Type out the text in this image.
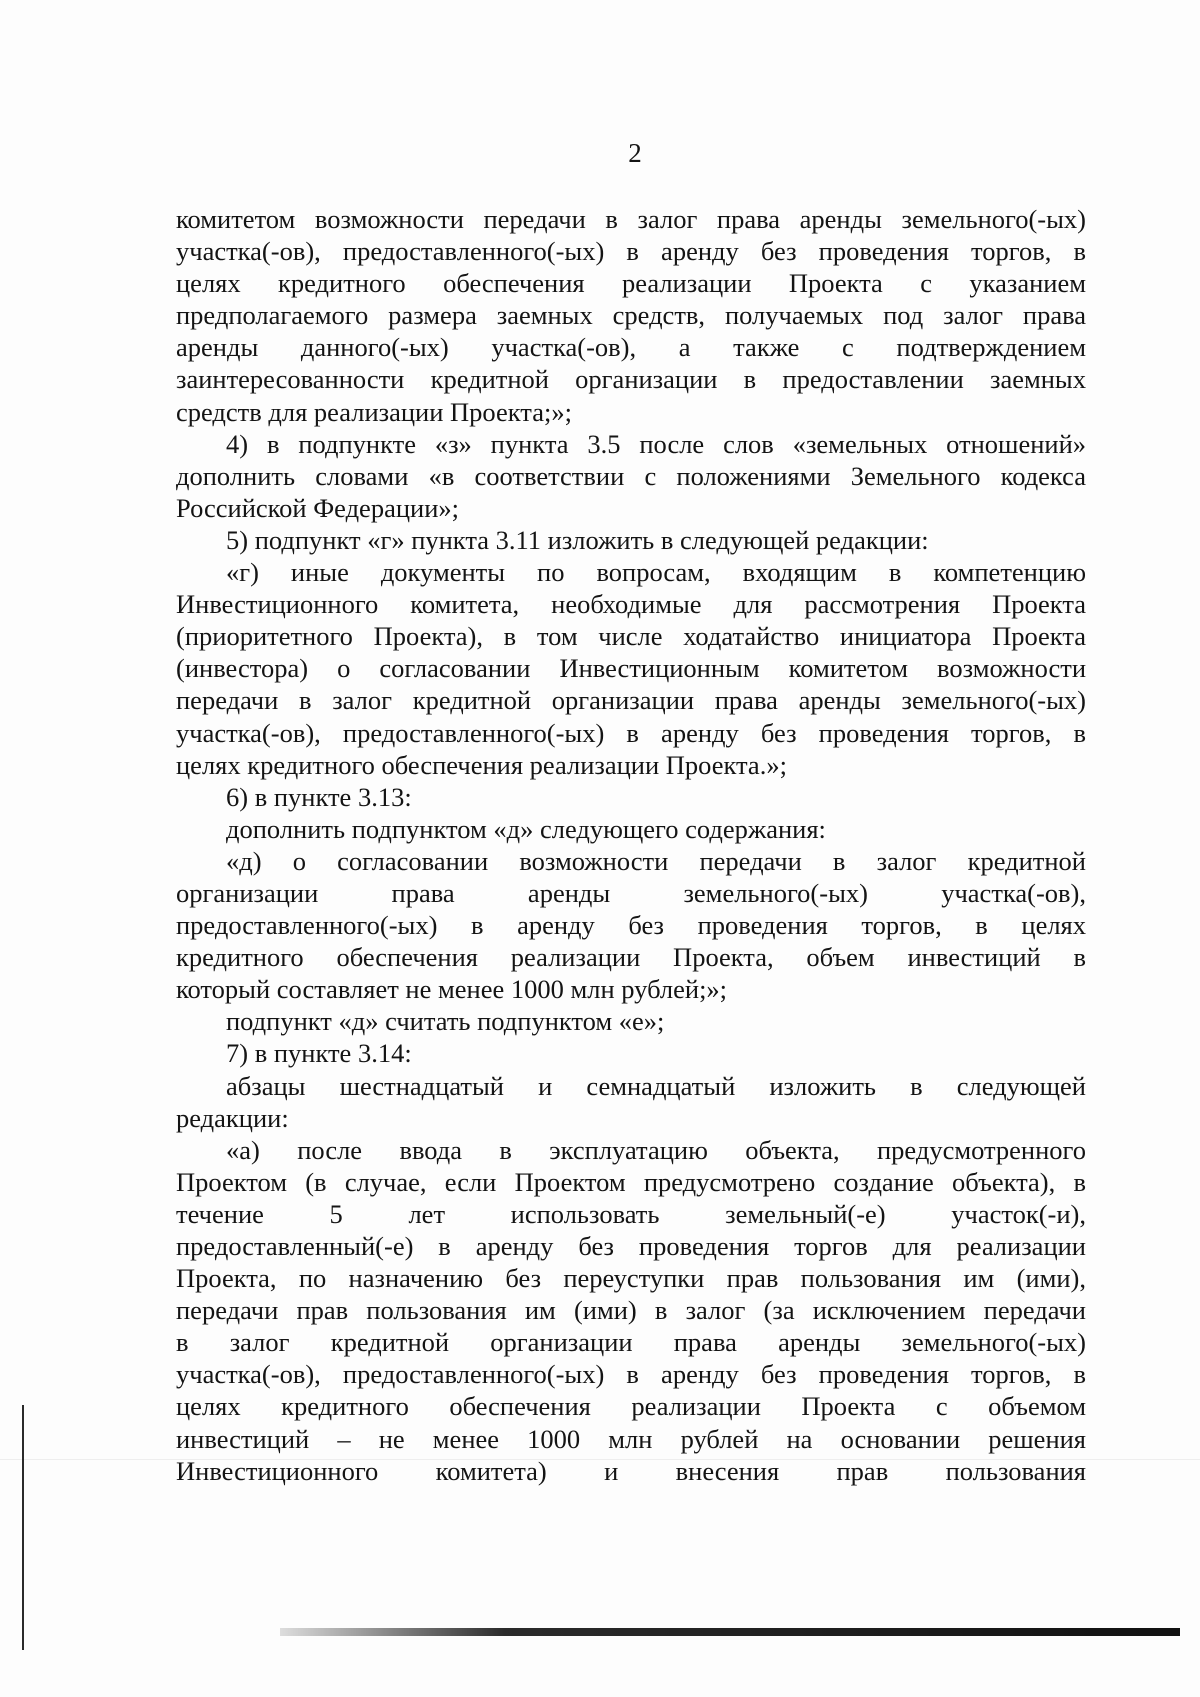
2
комитетом возможности передачи в залог права аренды земельного(-ых)
участка(-ов), предоставленного(-ых) в аренду без проведения торгов, в
целях кредитного обеспечения реализации Проекта с указанием
предполагаемого размера заемных средств, получаемых под залог права
аренды данного(-ых) участка(-ов), а также с подтверждением
заинтересованности кредитной организации в предоставлении заемных
средств для реализации Проекта;»;
4) в подпункте «з» пункта 3.5 после слов «земельных отношений»
дополнить словами «в соответствии с положениями Земельного кодекса
Российской Федерации»;
5) подпункт «г» пункта 3.11 изложить в следующей редакции:
«г) иные документы по вопросам, входящим в компетенцию
Инвестиционного комитета, необходимые для рассмотрения Проекта
(приоритетного Проекта), в том числе ходатайство инициатора Проекта
(инвестора) о согласовании Инвестиционным комитетом возможности
передачи в залог кредитной организации права аренды земельного(-ых)
участка(-ов), предоставленного(-ых) в аренду без проведения торгов, в
целях кредитного обеспечения реализации Проекта.»;
6) в пункте 3.13:
дополнить подпунктом «д» следующего содержания:
«д) о согласовании возможности передачи в залог кредитной
организации права аренды земельного(-ых) участка(-ов),
предоставленного(-ых) в аренду без проведения торгов, в целях
кредитного обеспечения реализации Проекта, объем инвестиций в
который составляет не менее 1000 млн рублей;»;
подпункт «д» считать подпунктом «е»;
7) в пункте 3.14:
абзацы шестнадцатый и семнадцатый изложить в следующей
редакции:
«а) после ввода в эксплуатацию объекта, предусмотренного
Проектом (в случае, если Проектом предусмотрено создание объекта), в
течение 5 лет использовать земельный(-е) участок(-и),
предоставленный(-е) в аренду без проведения торгов для реализации
Проекта, по назначению без переуступки прав пользования им (ими),
передачи прав пользования им (ими) в залог (за исключением передачи
в залог кредитной организации права аренды земельного(-ых)
участка(-ов), предоставленного(-ых) в аренду без проведения торгов, в
целях кредитного обеспечения реализации Проекта с объемом
инвестиций – не менее 1000 млн рублей на основании решения
Инвестиционного комитета) и внесения прав пользования
